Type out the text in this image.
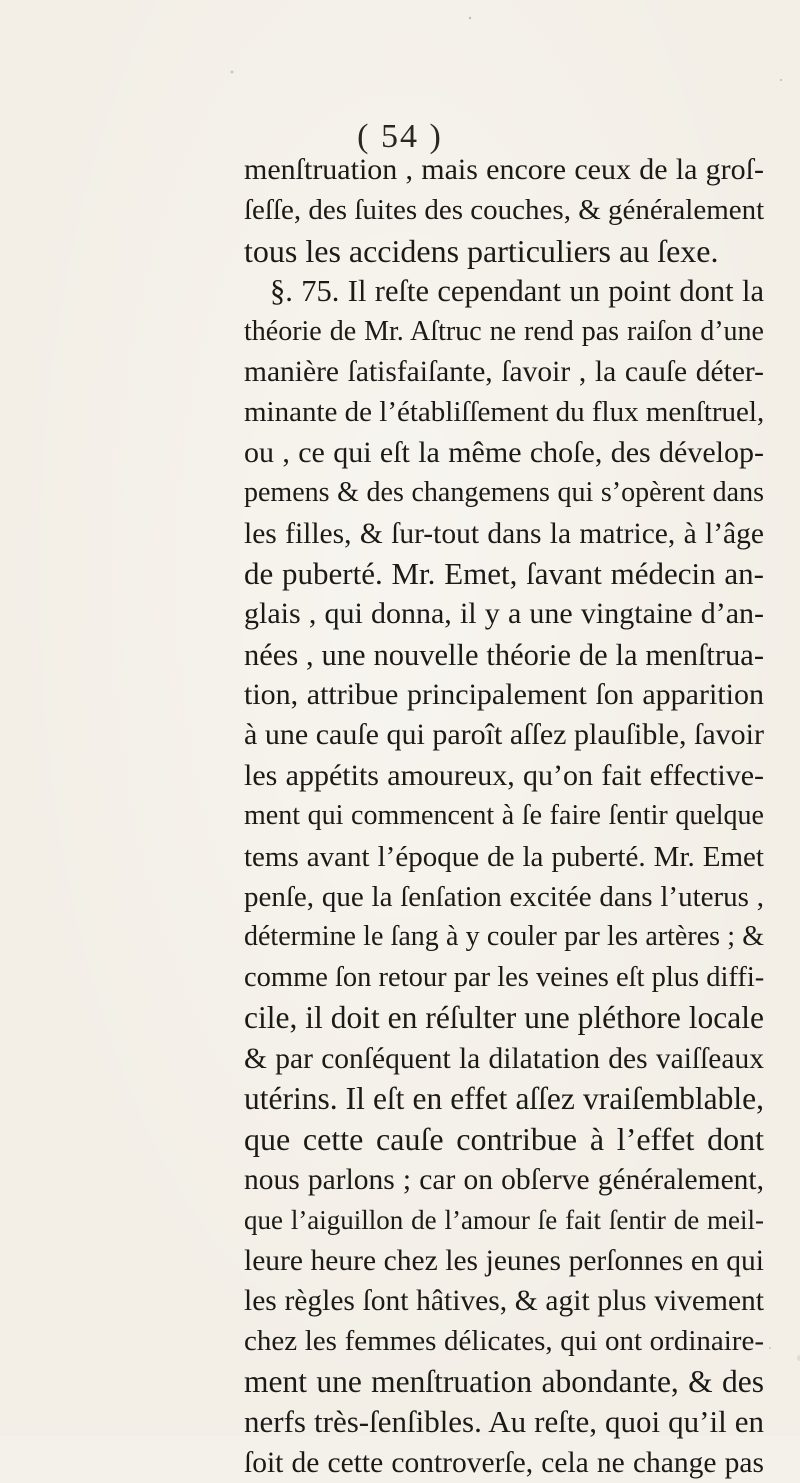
( 54 )
menſtruation , mais encore ceux de la groſ-
ſeſſe, des ſuites des couches, & généralement
tous les accidens particuliers au ſexe.
§. 75. Il reſte cependant un point dont la
théorie de Mr. Aſtruc ne rend pas raiſon d’une
manière ſatisfaiſante, ſavoir , la cauſe déter-
minante de l’établiſſement du flux menſtruel,
ou , ce qui eſt la même choſe, des dévelop-
pemens & des changemens qui s’opèrent dans
les filles, & ſur-tout dans la matrice, à l’âge
de puberté. Mr. Emet, ſavant médecin an-
glais , qui donna, il y a une vingtaine d’an-
nées , une nouvelle théorie de la menſtrua-
tion, attribue principalement ſon apparition
à une cauſe qui paroît aſſez plauſible, ſavoir
les appétits amoureux, qu’on fait effective-
ment qui commencent à ſe faire ſentir quelque
tems avant l’époque de la puberté. Mr. Emet
penſe, que la ſenſation excitée dans l’uterus ,
détermine le ſang à y couler par les artères ; &
comme ſon retour par les veines eſt plus diffi-
cile, il doit en réſulter une pléthore locale
& par conſéquent la dilatation des vaiſſeaux
utérins. Il eſt en effet aſſez vraiſemblable,
que cette cauſe contribue à l’effet dont
nous parlons ; car on obſerve généralement,
que l’aiguillon de l’amour ſe fait ſentir de meil-
leure heure chez les jeunes perſonnes en qui
les règles ſont hâtives, & agit plus vivement
chez les femmes délicates, qui ont ordinaire-
ment une menſtruation abondante, & des
nerfs très-ſenſibles. Au reſte, quoi qu’il en
ſoit de cette controverſe, cela ne change pas
